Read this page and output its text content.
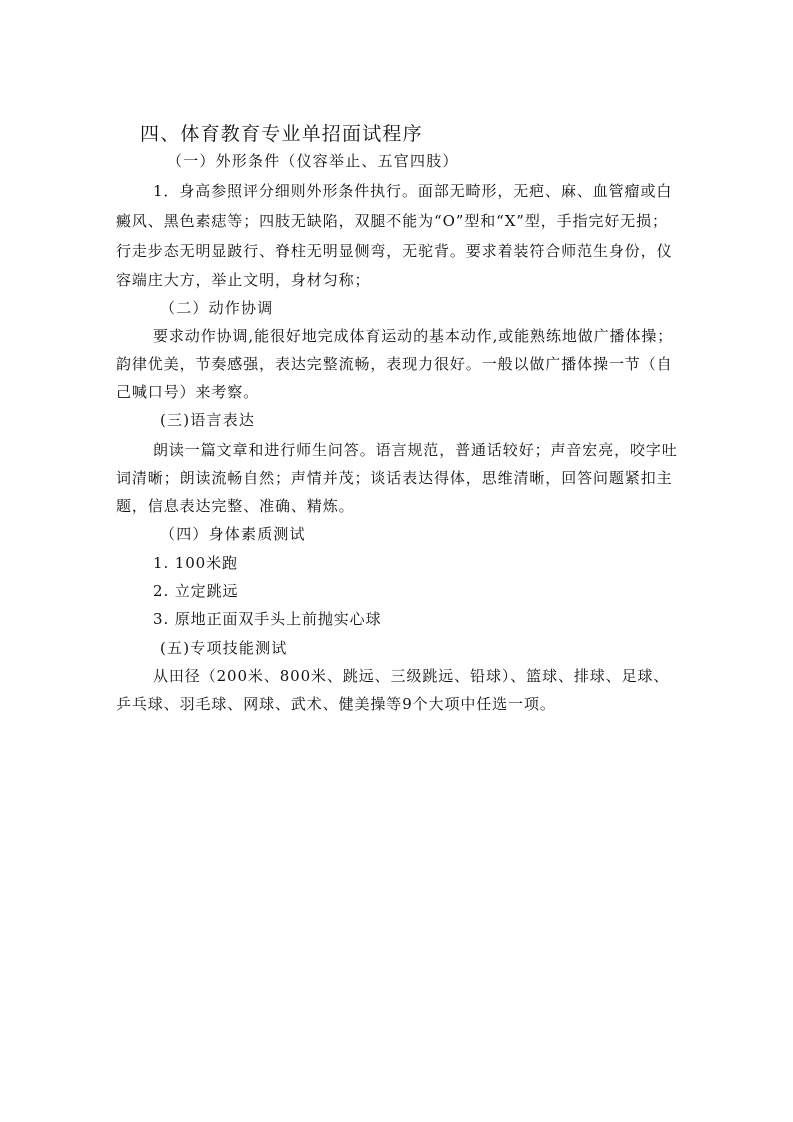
四、体育教育专业单招面试程序
（一）外形条件（仪容举止、五官四肢）
1．身高参照评分细则外形条件执行。面部无畸形，无疤、麻、血管瘤或白
癜风、黑色素痣等；四肢无缺陷，双腿不能为“O”型和“X”型，手指完好无损；
行走步态无明显跛行、脊柱无明显侧弯，无驼背。要求着装符合师范生身份，仪
容端庄大方，举止文明，身材匀称；
（二）动作协调
要求动作协调,能很好地完成体育运动的基本动作,或能熟练地做广播体操；
韵律优美，节奏感强，表达完整流畅，表现力很好。一般以做广播体操一节（自
己喊口号）来考察。
(三)语言表达
朗读一篇文章和进行师生问答。语言规范，普通话较好；声音宏亮，咬字吐
词清晰；朗读流畅自然；声情并茂；谈话表达得体，思维清晰，回答问题紧扣主
题，信息表达完整、准确、精炼。
（四）身体素质测试
1. 100米跑
2. 立定跳远
3. 原地正面双手头上前抛实心球
(五)专项技能测试
从田径（200米、800米、跳远、三级跳远、铅球）、篮球、排球、足球、
乒乓球、羽毛球、网球、武术、健美操等9个大项中任选一项。
